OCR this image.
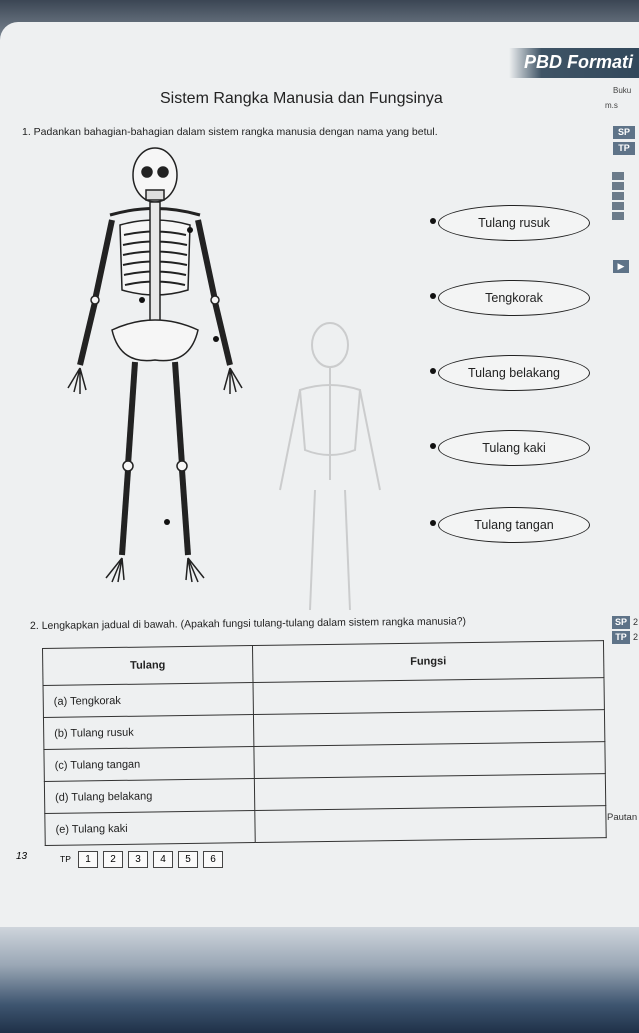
PBD Formati
Buku
m.s
Sistem Rangka Manusia dan Fungsinya
1. Padankan bahagian-bahagian dalam sistem rangka manusia dengan nama yang betul.	SP
TP
▶
Tulang rusuk
Tengkorak
Tulang belakang
Tulang kaki
Tulang tangan
2. Lengkapkan jadual di bawah. (Apakah fungsi tulang-tulang dalam sistem rangka manusia?)	SP
TP
2
2
Tulang	Fungsi
(a) Tengkorak	
(b) Tulang rusuk	
(c) Tulang tangan	
(d) Tulang belakang	
(e) Tulang kaki	
Pautan
13	TP	1	2	3	4	5	6
